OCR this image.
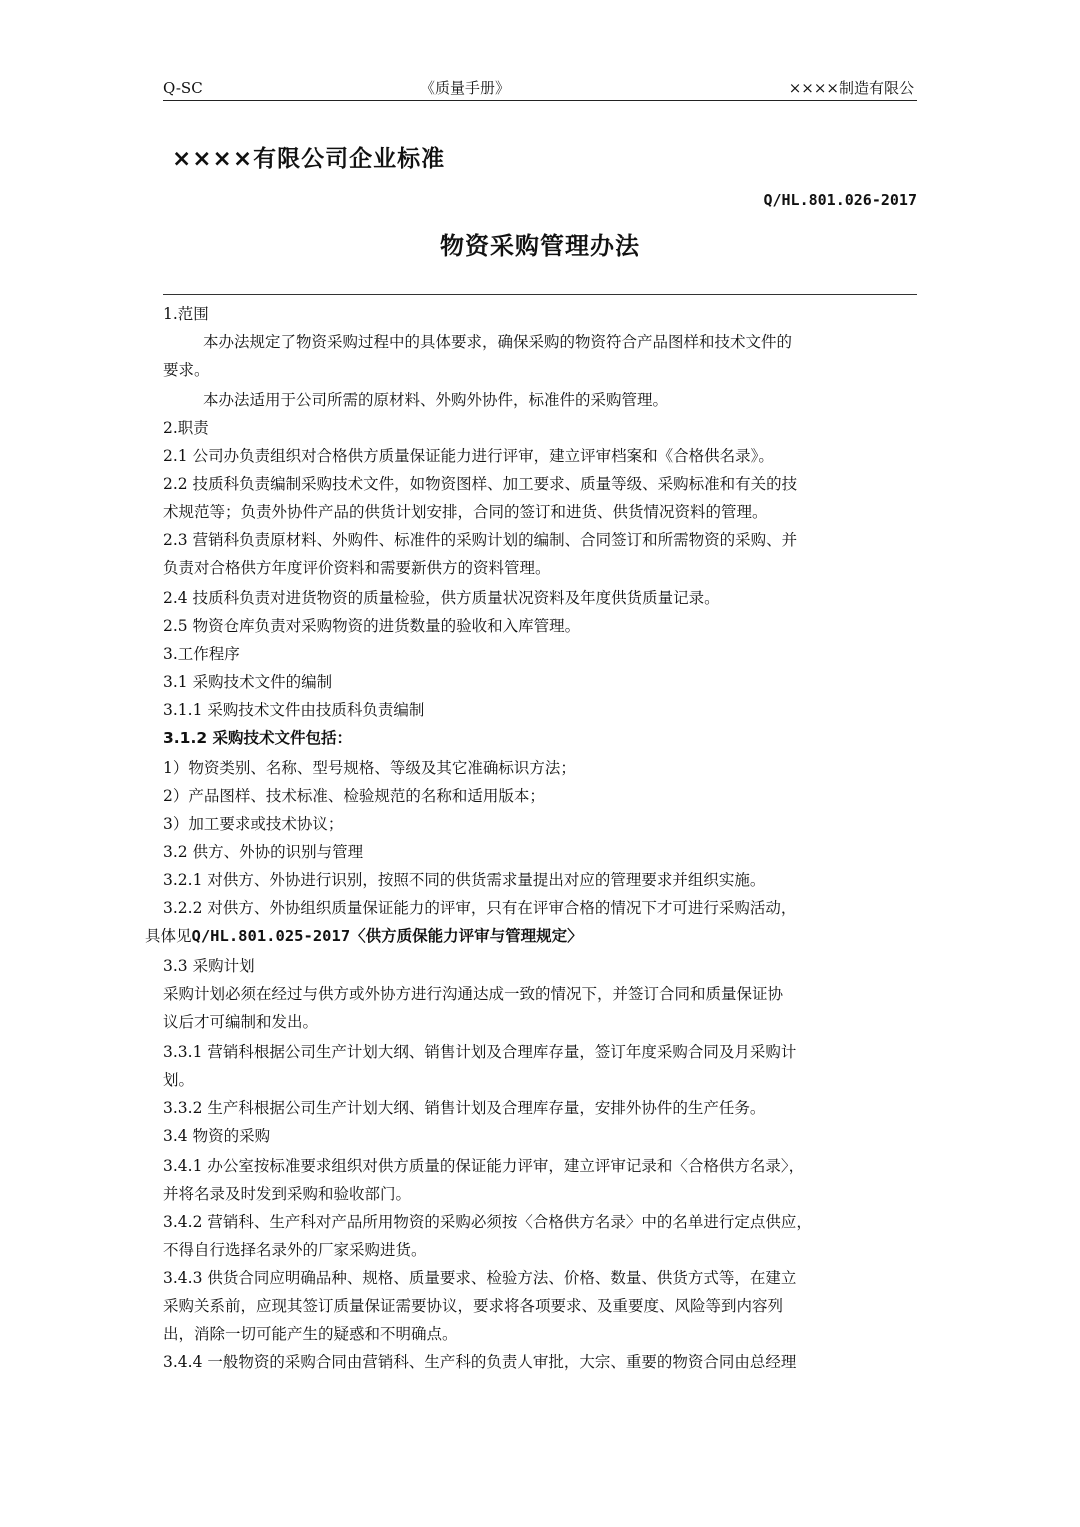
Q-SC	《质量手册》	××××制造有限公
××××有限公司企业标准
Q/HL.801.026-2017
物资采购管理办法
1.范围
本办法规定了物资采购过程中的具体要求，确保采购的物资符合产品图样和技术文件的
要求。
本办法适用于公司所需的原材料、外购外协件，标准件的采购管理。
2.职责
2.1 公司办负责组织对合格供方质量保证能力进行评审，建立评审档案和《合格供名录》。
2.2 技质科负责编制采购技术文件，如物资图样、加工要求、质量等级、采购标准和有关的技
术规范等；负责外协件产品的供货计划安排，合同的签订和进货、供货情况资料的管理。
2.3 营销科负责原材料、外购件、标准件的采购计划的编制、合同签订和所需物资的采购、并
负责对合格供方年度评价资料和需要新供方的资料管理。
2.4 技质科负责对进货物资的质量检验，供方质量状况资料及年度供货质量记录。
2.5 物资仓库负责对采购物资的进货数量的验收和入库管理。
3.工作程序
3.1 采购技术文件的编制
3.1.1 采购技术文件由技质科负责编制
3.1.2 采购技术文件包括：
1）物资类别、名称、型号规格、等级及其它准确标识方法；
2）产品图样、技术标准、检验规范的名称和适用版本；
3）加工要求或技术协议；
3.2 供方、外协的识别与管理
3.2.1 对供方、外协进行识别，按照不同的供货需求量提出对应的管理要求并组织实施。
3.2.2 对供方、外协组织质量保证能力的评审，只有在评审合格的情况下才可进行采购活动，
具体见Q/HL.801.025-2017〈供方质保能力评审与管理规定〉
3.3 采购计划
采购计划必须在经过与供方或外协方进行沟通达成一致的情况下，并签订合同和质量保证协
议后才可编制和发出。
3.3.1 营销科根据公司生产计划大纲、销售计划及合理库存量，签订年度采购合同及月采购计
划。
3.3.2 生产科根据公司生产计划大纲、销售计划及合理库存量，安排外协件的生产任务。
3.4 物资的采购
3.4.1 办公室按标准要求组织对供方质量的保证能力评审，建立评审记录和〈合格供方名录〉，
并将名录及时发到采购和验收部门。
3.4.2 营销科、生产科对产品所用物资的采购必须按〈合格供方名录〉中的名单进行定点供应，
不得自行选择名录外的厂家采购进货。
3.4.3 供货合同应明确品种、规格、质量要求、检验方法、价格、数量、供货方式等，在建立
采购关系前，应现其签订质量保证需要协议，要求将各项要求、及重要度、风险等到内容列
出，消除一切可能产生的疑惑和不明确点。
3.4.4 一般物资的采购合同由营销科、生产科的负责人审批，大宗、重要的物资合同由总经理
